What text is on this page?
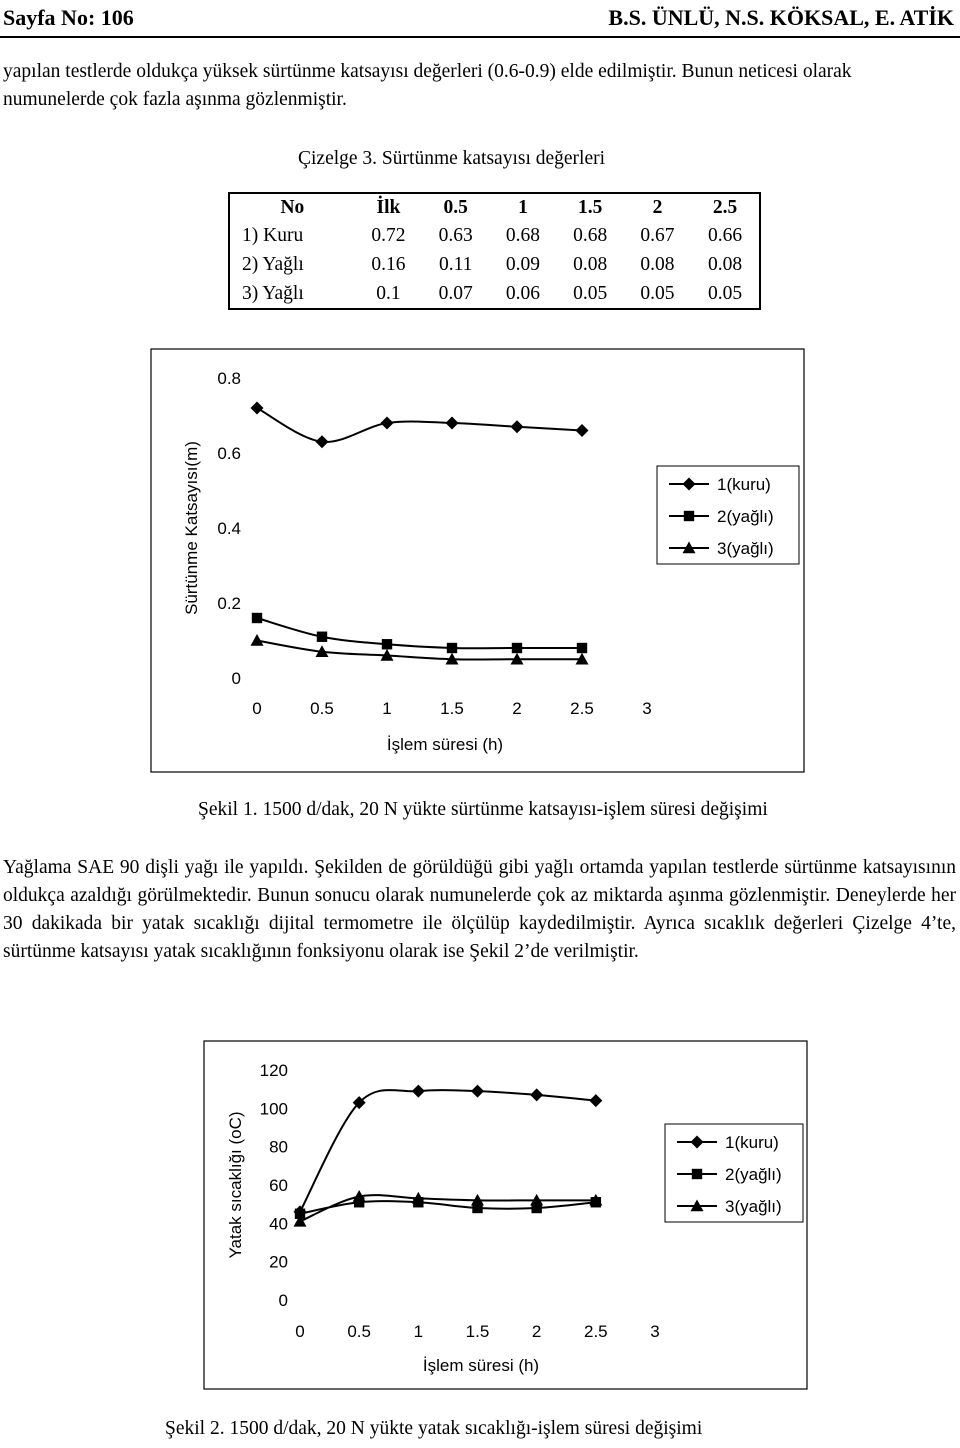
Sayfa No: 106	B.S. ÜNLÜ, N.S. KÖKSAL, E. ATİK

yapılan testlerde oldukça yüksek sürtünme katsayısı değerleri (0.6-0.9) elde edilmiştir. Bunun neticesi olarak numunelerde çok fazla aşınma gözlenmiştir.

Çizelge 3. Sürtünme katsayısı değerleri
No	İlk	0.5	1	1.5	2	2.5
1) Kuru	0.72	0.63	0.68	0.68	0.67	0.66
2) Yağlı	0.16	0.11	0.09	0.08	0.08	0.08
3) Yağlı	0.1	0.07	0.06	0.05	0.05	0.05
0
0.2
0.4
0.6
0.8
0	0.5	1	1.5	2	2.5	3
İşlem süresi (h)
Sürtünme Katsayısı(m)	1(kuru)
2(yağlı)
3(yağlı)
Şekil 1. 1500 d/dak, 20 N yükte sürtünme katsayısı-işlem süresi değişimi

Yağlama SAE 90 dişli yağı ile yapıldı. Şekilden de görüldüğü gibi yağlı ortamda yapılan testlerde sürtünme katsayısının oldukça azaldığı görülmektedir. Bunun sonucu olarak numunelerde çok az miktarda aşınma gözlenmiştir. Deneylerde her 30 dakikada bir yatak sıcaklığı dijital termometre ile ölçülüp kaydedilmiştir. Ayrıca sıcaklık değerleri Çizelge 4’te, sürtünme katsayısı yatak sıcaklığının fonksiyonu olarak ise Şekil 2’de verilmiştir.

0
20
40
60
80
100
120
0	0.5	1	1.5	2	2.5	3
İşlem süresi (h)
Yatak sıcaklığı (oC)	1(kuru)
2(yağlı)
3(yağlı)
Şekil 2. 1500 d/dak, 20 N yükte yatak sıcaklığı-işlem süresi değişimi
